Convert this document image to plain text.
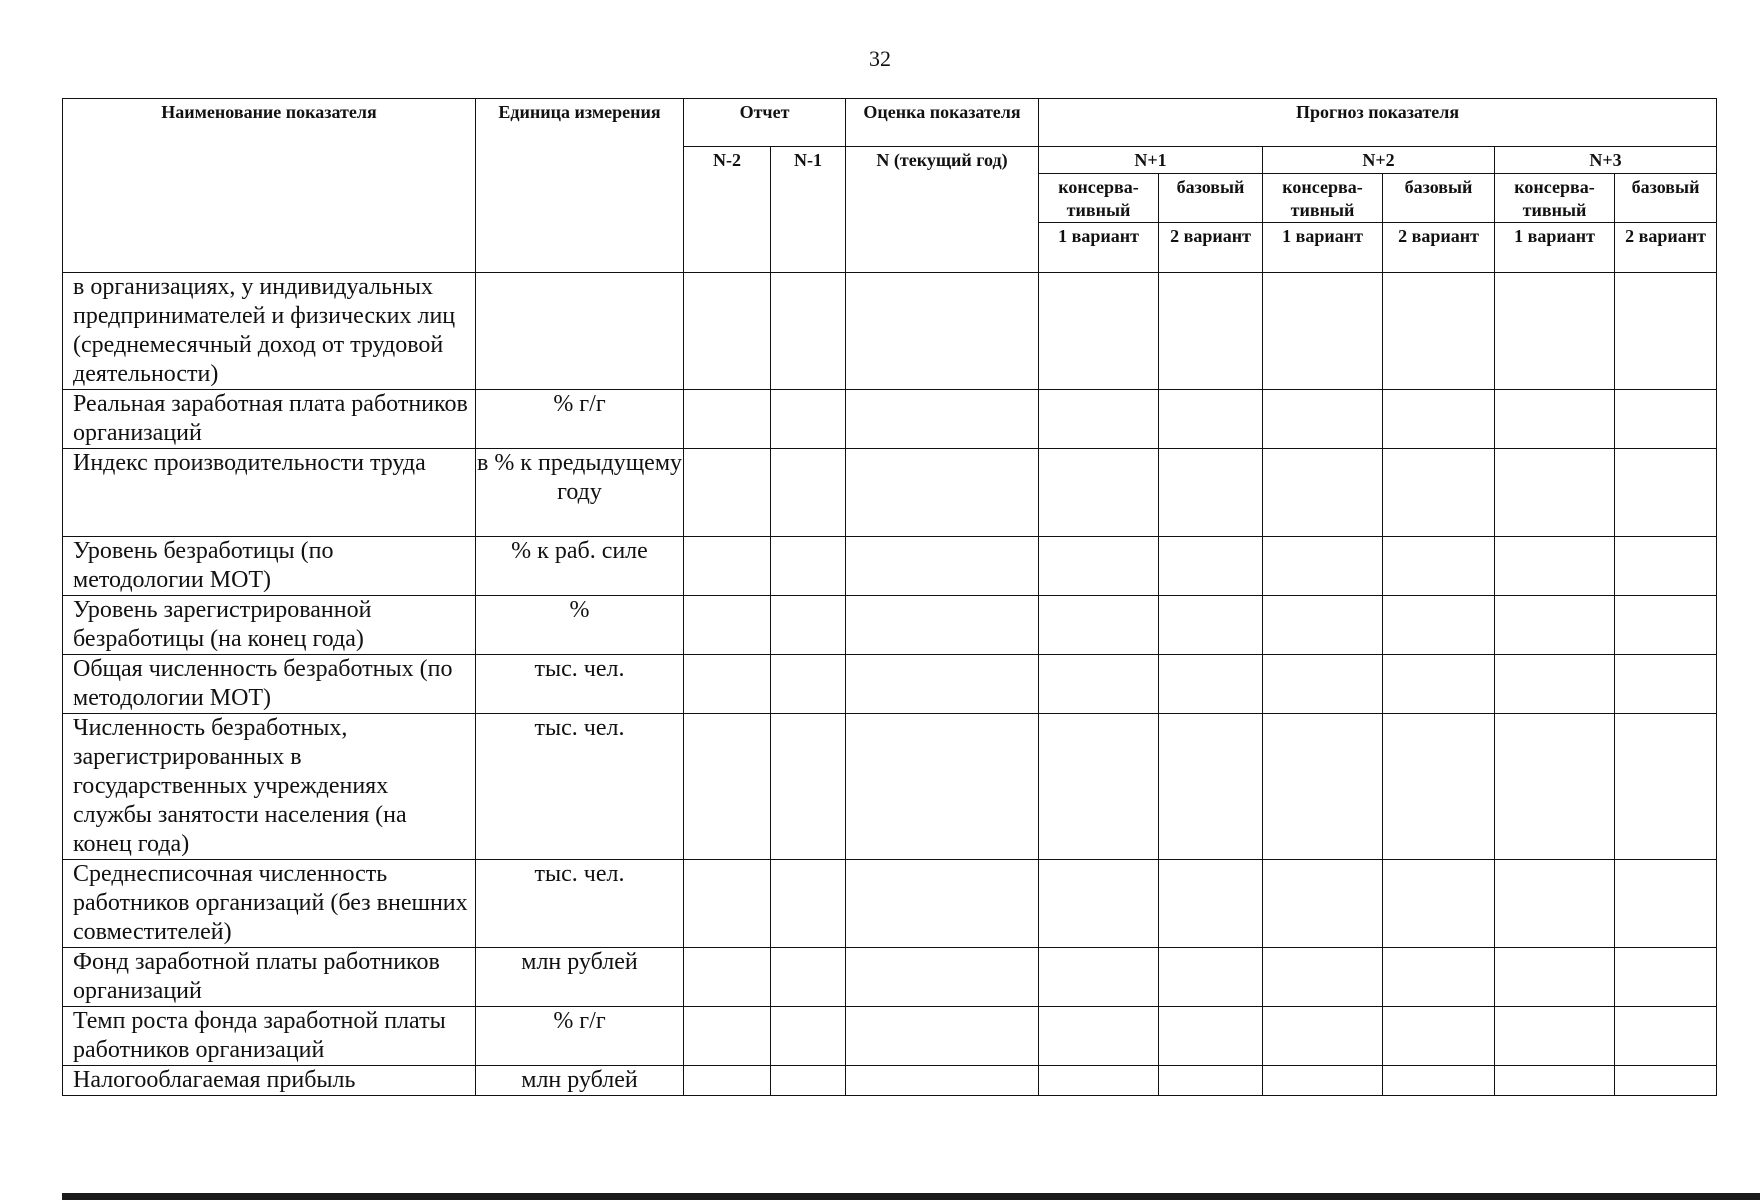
32
Наименование показателя	Единица измерения	Отчет		Оценка показателя	Прогноз показателя					
		N-2	N-1	N (текущий год)	N+1		N+2		N+3	
					консерва-тивный	базовый	консерва-тивный	базовый	консерва-тивный	базовый
					1 вариант	2 вариант	1 вариант	2 вариант	1 вариант	2 вариант
в организациях, у индивидуальных предпринимателей и физических лиц (среднемесячный доход от трудовой деятельности)										
Реальная заработная плата работников организаций	% г/г									
Индекс производительности труда	в % к предыдущему году									
Уровень безработицы (по методологии МОТ)	% к раб. силе									
Уровень зарегистрированной безработицы (на конец года)	%									
Общая численность безработных (по методологии МОТ)	тыс. чел.									
Численность безработных, зарегистрированных в государственных учреждениях службы занятости населения (на конец года)	тыс. чел.									
Среднесписочная численность работников организаций (без внешних совместителей)	тыс. чел.									
Фонд заработной платы работников организаций	млн рублей									
Темп роста фонда заработной платы работников организаций	% г/г									
Налогооблагаемая прибыль	млн рублей									
